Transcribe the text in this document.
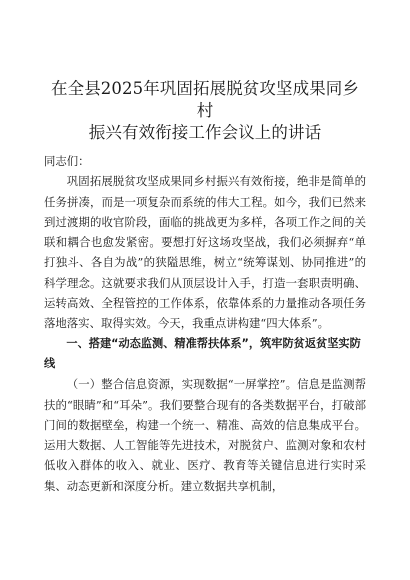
在全县2025年巩固拓展脱贫攻坚成果同乡村
振兴有效衔接工作会议上的讲话

同志们：

巩固拓展脱贫攻坚成果同乡村振兴有效衔接，绝非是简单的任务拼凑，而是一项复杂而系统的伟大工程。如今，我们已然来到过渡期的收官阶段，面临的挑战更为多样，各项工作之间的关联和耦合也愈发紧密。要想打好这场攻坚战，我们必须摒弃“单打独斗、各自为战”的狭隘思维，树立“统筹谋划、协同推进”的科学理念。这就要求我们从顶层设计入手，打造一套职责明确、运转高效、全程管控的工作体系，依靠体系的力量推动各项任务落地落实、取得实效。今天，我重点讲构建“四大体系”。

一、搭建“动态监测、精准帮扶体系”，筑牢防贫返贫坚实防线

（一）整合信息资源，实现数据“一屏掌控”。信息是监测帮扶的“眼睛”和“耳朵”。我们要整合现有的各类数据平台，打破部门间的数据壁垒，构建一个统一、精准、高效的信息集成平台。运用大数据、人工智能等先进技术，对脱贫户、监测对象和农村低收入群体的收入、就业、医疗、教育等关键信息进行实时采集、动态更新和深度分析。建立数据共享机制，
